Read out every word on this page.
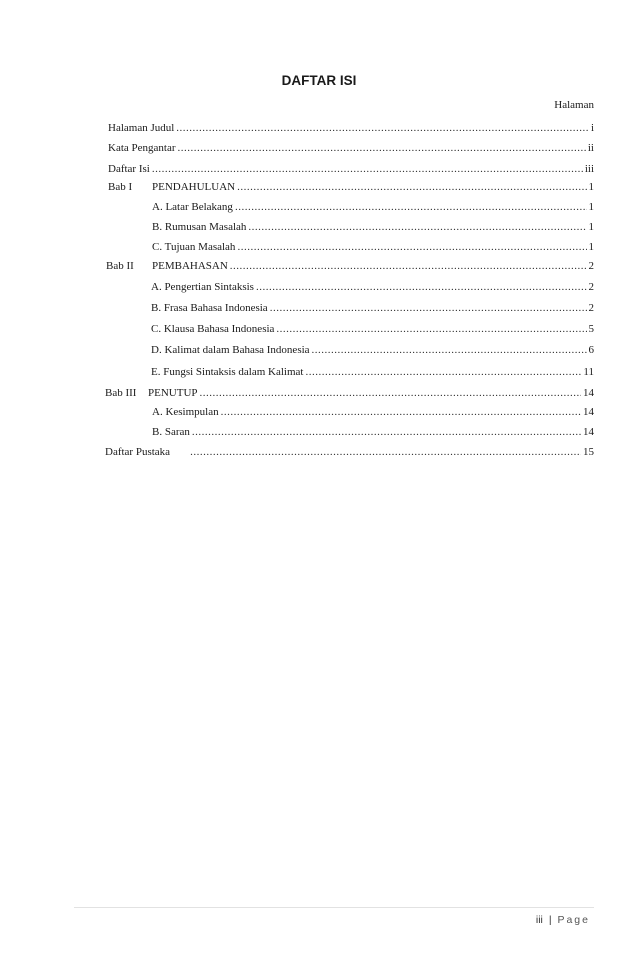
DAFTAR ISI
Halaman
Halaman Judul .....	i
Kata Pengantar .....	ii
Daftar Isi .....	iii
Bab I	PENDAHULUAN .....	1
A. Latar Belakang .....	1
B. Rumusan Masalah .....	1
C. Tujuan Masalah .....	1
Bab II	PEMBAHASAN .....	2
A. Pengertian Sintaksis .....	2
B. Frasa Bahasa Indonesia .....	2
C. Klausa Bahasa Indonesia .....	5
D. Kalimat dalam Bahasa Indonesia .....	6
E. Fungsi Sintaksis dalam Kalimat .....	11
Bab III	PENUTUP .....	14
A. Kesimpulan .....	14
B. Saran .....	14
Daftar Pustaka .....	15
iii | Page
